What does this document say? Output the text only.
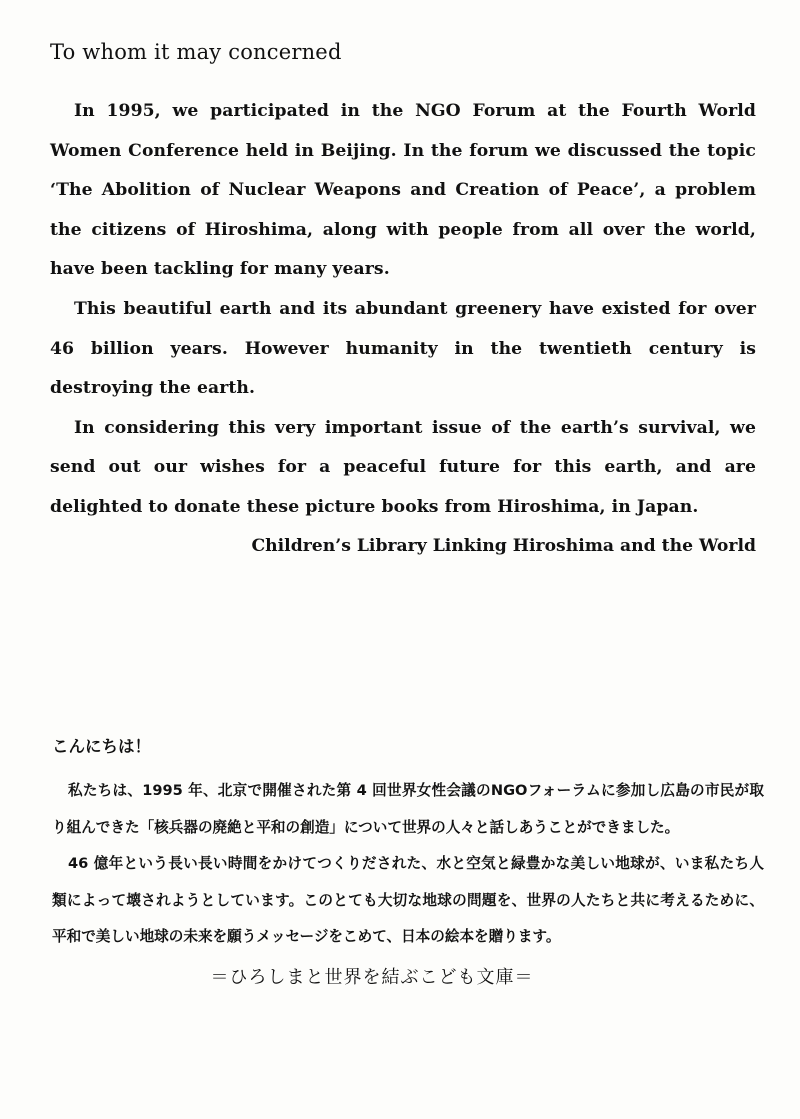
To whom it may concerned

In 1995, we participated in the NGO Forum at the Fourth World Women Conference held in Beijing. In the forum we discussed the topic ‘The Abolition of Nuclear Weapons and Creation of Peace’, a problem the citizens of Hiroshima, along with people from all over the world, have been tackling for many years.

This beautiful earth and its abundant greenery have existed for over 46 billion years. However humanity in the twentieth century is destroying the earth.

In considering this very important issue of the earth’s survival, we send out our wishes for a peaceful future for this earth, and are delighted to donate these picture books from Hiroshima, in Japan.

Children’s Library Linking Hiroshima and the World
こんにちは！

私たちは、1995 年、北京で開催された第 4 回世界女性会議のNGOフォーラムに参加し広島の市民が取り組んできた「核兵器の廃絶と平和の創造」について世界の人々と話しあうことができました。

46 億年という長い長い時間をかけてつくりだされた、水と空気と緑豊かな美しい地球が、いま私たち人類によって壊されようとしています。このとても大切な地球の問題を、世界の人たちと共に考えるために、平和で美しい地球の未来を願うメッセージをこめて、日本の絵本を贈ります。

＝ひろしまと世界を結ぶこども文庫＝
